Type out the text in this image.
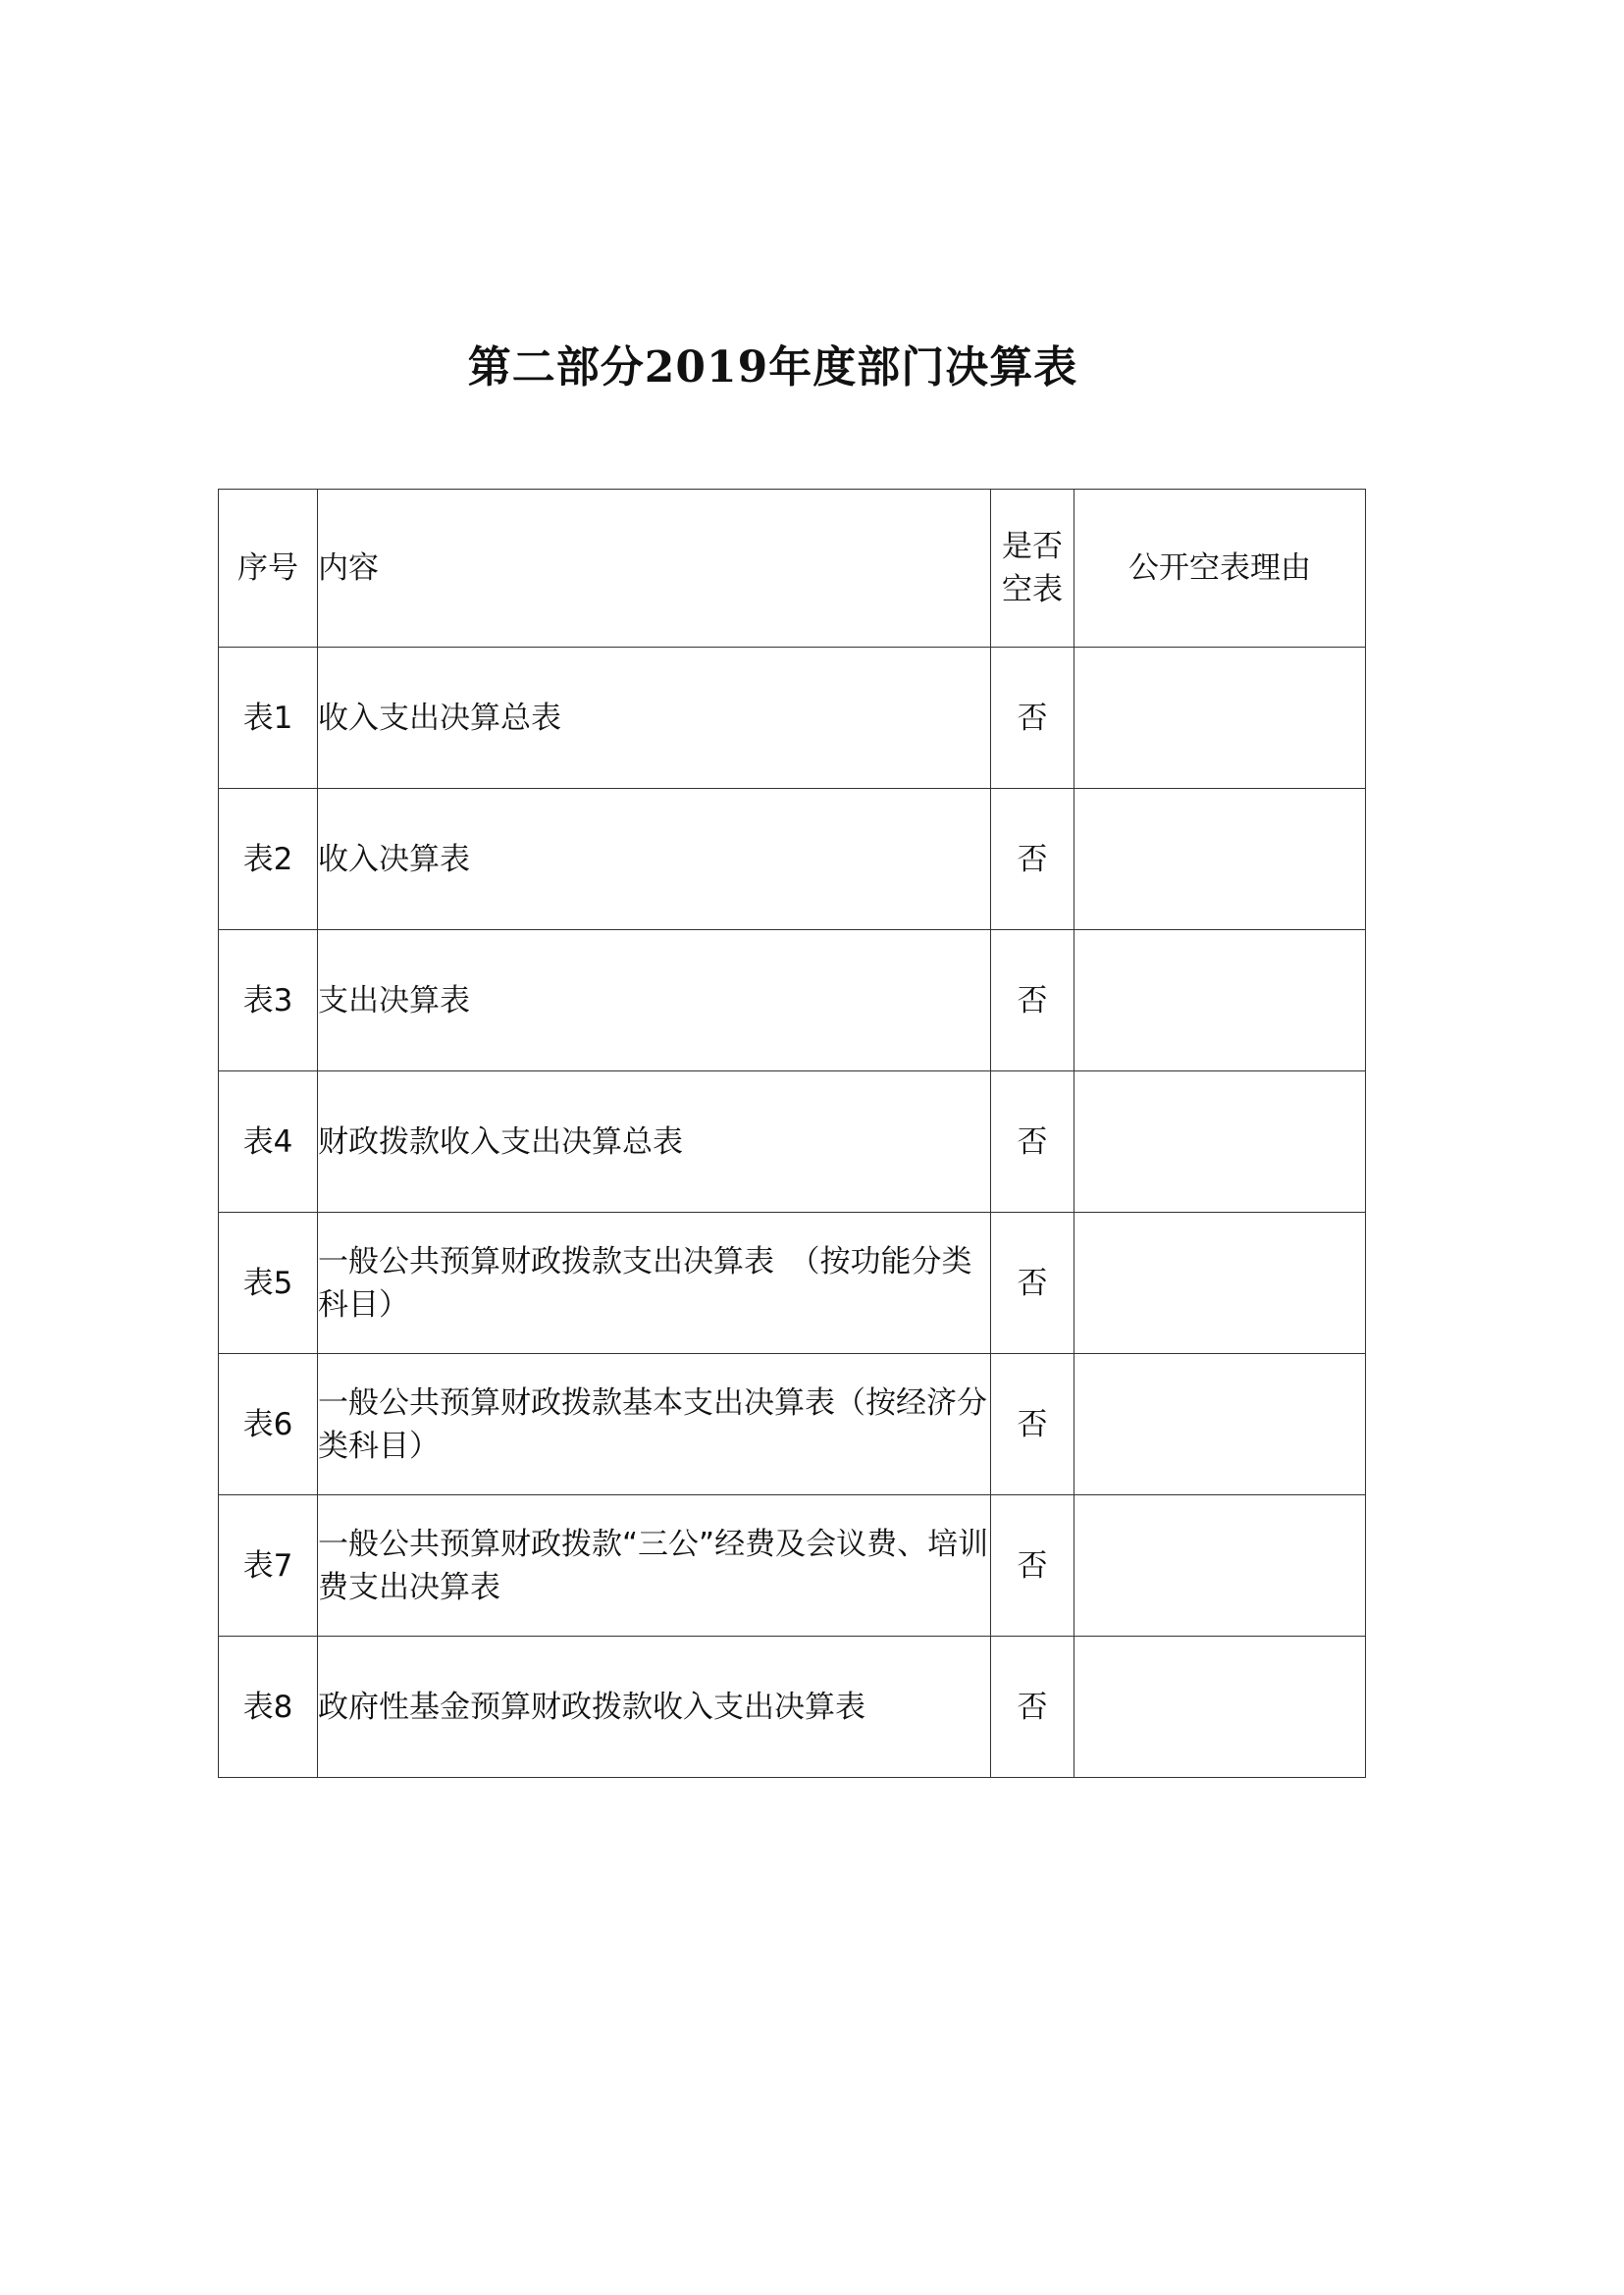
第二部分2019年度部门决算表
序号	内容	是否空表	公开空表理由
表1	收入支出决算总表	否	
表2	收入决算表	否	
表3	支出决算表	否	
表4	财政拨款收入支出决算总表	否	
表5	一般公共预算财政拨款支出决算表　（按功能分类科目）	否	
表6	一般公共预算财政拨款基本支出决算表（按经济分类科目）	否	
表7	一般公共预算财政拨款“三公”经费及会议费、培训费支出决算表	否	
表8	政府性基金预算财政拨款收入支出决算表	否	
